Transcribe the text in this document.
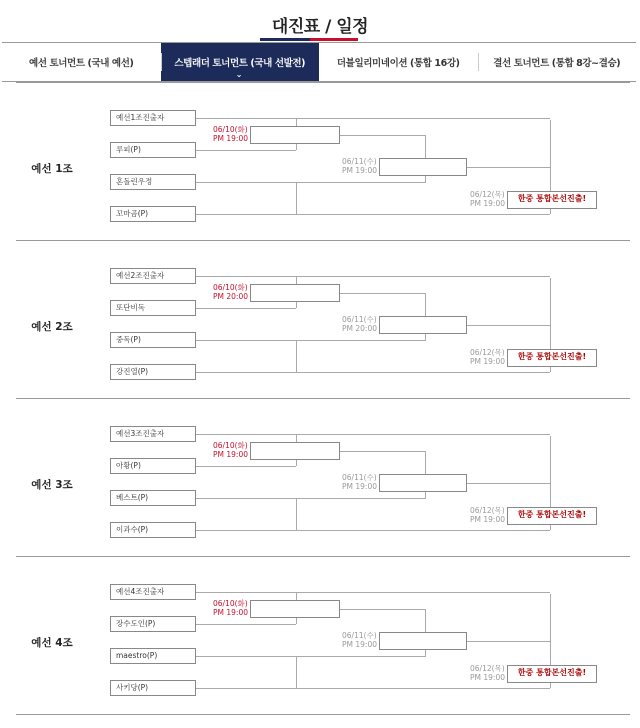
대진표 / 일정
예선 토너먼트 (국내 예선)	스텝래더 토너먼트 (국내 선발전)
⌄
더블일리미네이션 (통합 16강)	결선 토너먼트 (통합 8강~결승)
예선 1조
예선1조진출자
루피(P)
혼돌린우정
꼬마곰(P)
06/10(화)
PM 19:00
06/11(수)
PM 19:00
한중 통합본선진출!
06/12(목)
PM 19:00
예선 2조
예선2조진출자
또단비독
중독(P)
강진열(P)
06/10(화)
PM 20:00
06/11(수)
PM 20:00
한중 통합본선진출!
06/12(목)
PM 19:00
예선 3조
예선3조진출자
아황(P)
베스트(P)
이과수(P)
06/10(화)
PM 19:00
06/11(수)
PM 19:00
한중 통합본선진출!
06/12(목)
PM 19:00
예선 4조
예선4조진출자
장수도인(P)
maestro(P)
사키당(P)
06/10(화)
PM 19:00
06/11(수)
PM 19:00
한중 통합본선진출!
06/12(목)
PM 19:00
